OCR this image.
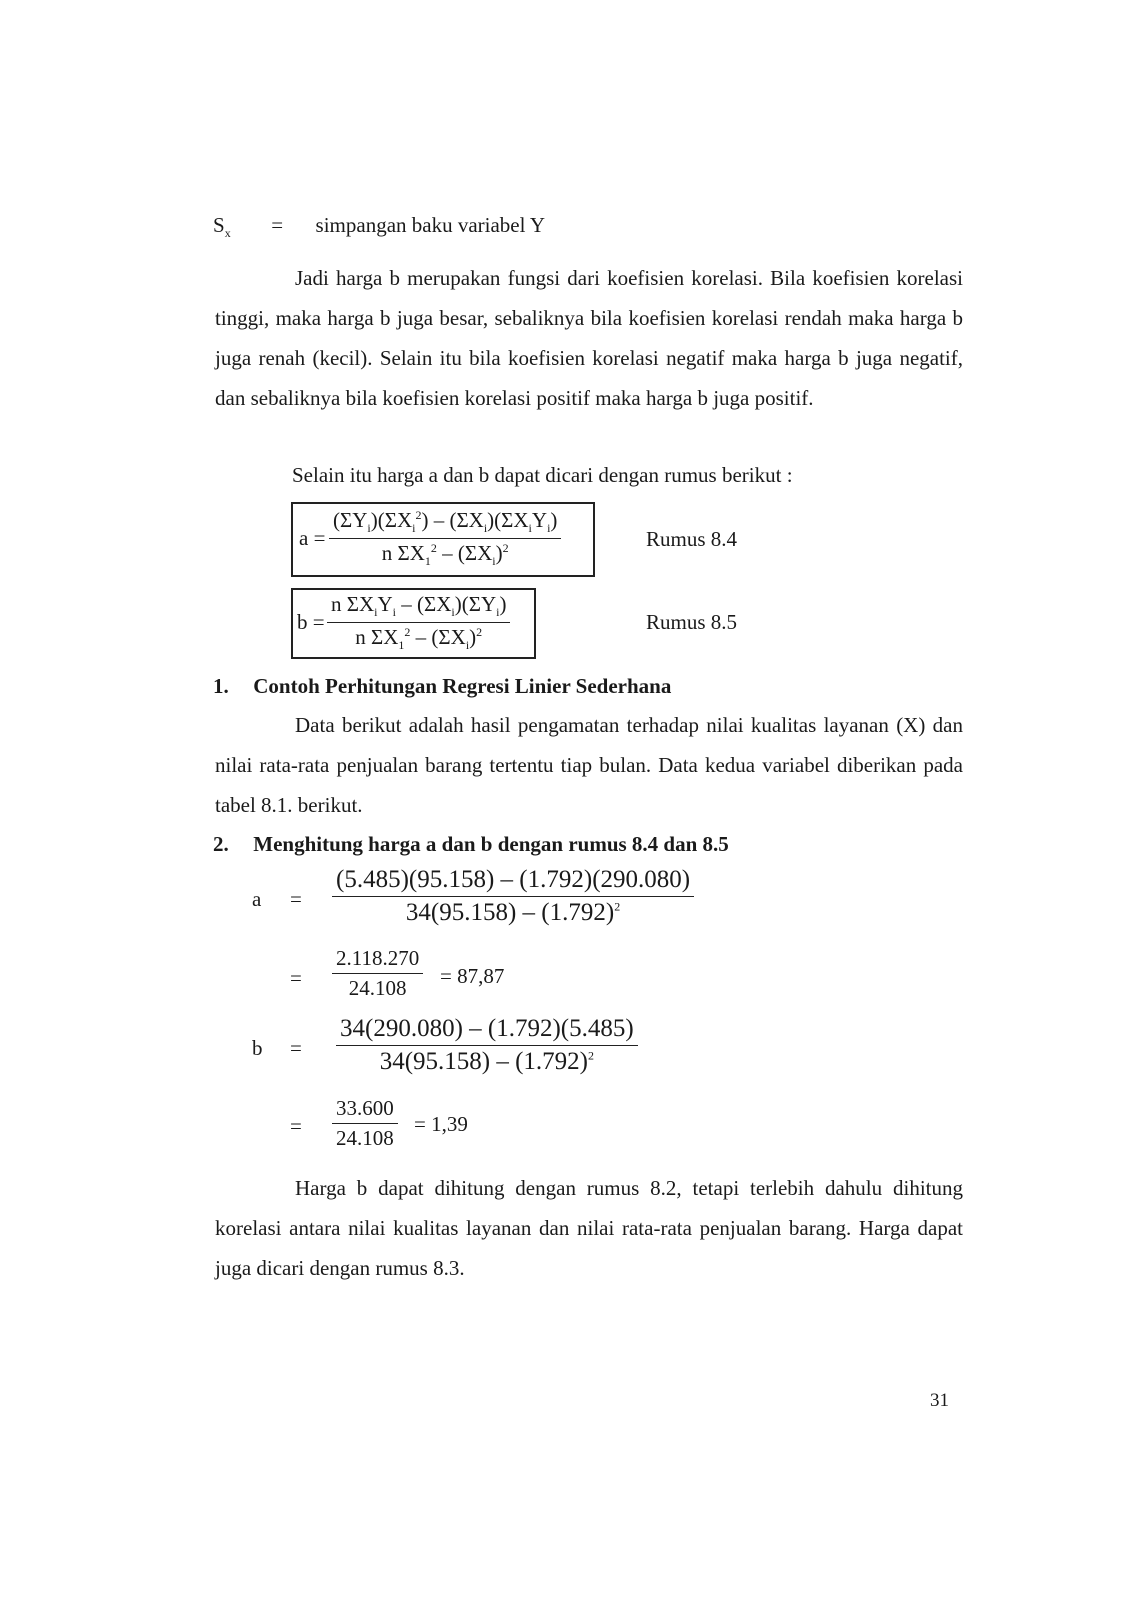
$S_x$ = simpangan baku variabel Y
Jadi harga b merupakan fungsi dari koefisien korelasi. Bila koefisien korelasi tinggi, maka harga b juga besar, sebaliknya bila koefisien korelasi rendah maka harga b juga renah (kecil). Selain itu bila koefisien korelasi negatif maka harga b juga negatif, dan sebaliknya bila koefisien korelasi positif maka harga b juga positif.
Selain itu harga a dan b dapat dicari dengan rumus berikut :
$a = \frac{(\Sigma Y_i)(\Sigma X_i^2) - (\Sigma X_i)(\Sigma X_iY_i)}{n \Sigma X_1^2 - (\Sigma X_i)^2}$	Rumus 8.4
$b = \frac{n \Sigma X_iY_i - (\Sigma X_i)(\Sigma Y_i)}{n \Sigma X_1^2 - (\Sigma X_i)^2}$	Rumus 8.5
1. Contoh Perhitungan Regresi Linier Sederhana
Data berikut adalah hasil pengamatan terhadap nilai kualitas layanan (X) dan nilai rata-rata penjualan barang tertentu tiap bulan. Data kedua variabel diberikan pada tabel 8.1. berikut.
2. Menghitung harga a dan b dengan rumus 8.4 dan 8.5
$a = \frac{(5.485)(95.158) - (1.792)(290.080)}{34(95.158) - (1.792)^2}$
= $\frac{2.118.270}{24.108} = 87,87$
$b = \frac{34(290.080) - (1.792)(5.485)}{34(95.158) - (1.792)^2}$
= $\frac{33.600}{24.108} = 1,39$
Harga b dapat dihitung dengan rumus 8.2, tetapi terlebih dahulu dihitung korelasi antara nilai kualitas layanan dan nilai rata-rata penjualan barang. Harga dapat juga dicari dengan rumus 8.3.
31
